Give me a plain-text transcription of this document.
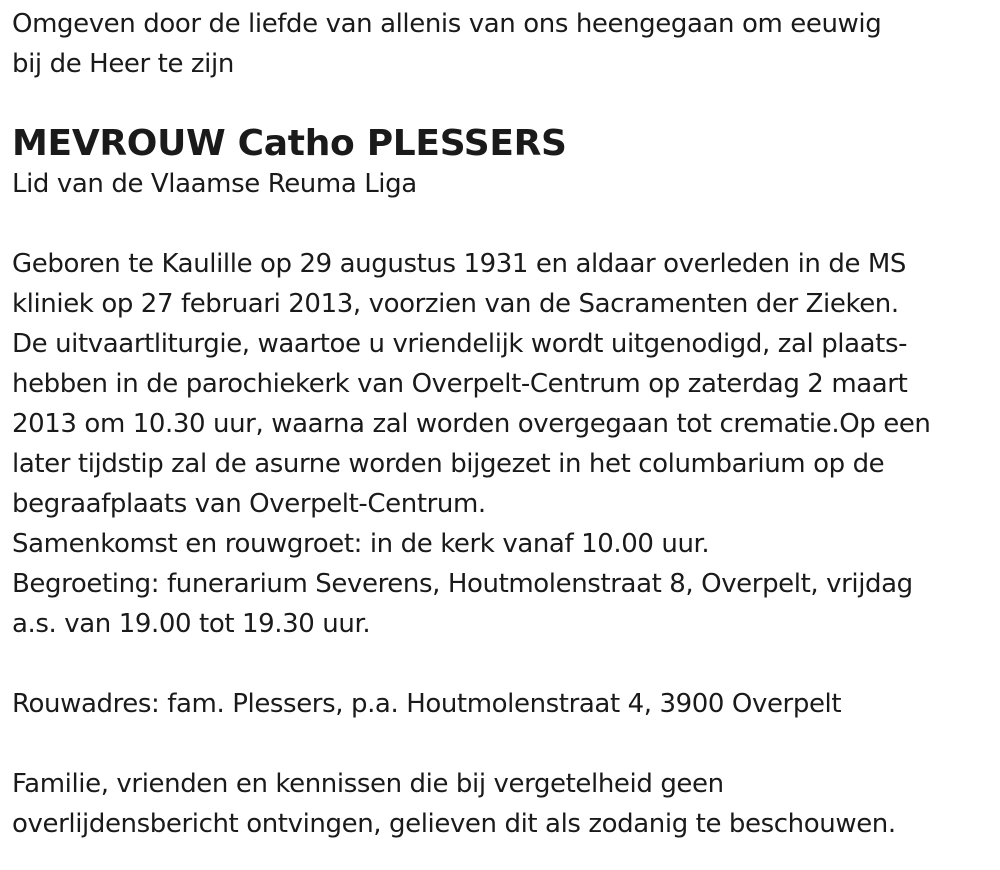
Omgeven door de liefde van allenis van ons heengegaan om eeuwig
bij de Heer te zijn
MEVROUW Catho PLESSERS
Lid van de Vlaamse Reuma Liga
Geboren te Kaulille op 29 augustus 1931 en aldaar overleden in de MS
kliniek op 27 februari 2013, voorzien van de Sacramenten der Zieken.
De uitvaartliturgie, waartoe u vriendelijk wordt uitgenodigd, zal plaats-
hebben in de parochiekerk van Overpelt-Centrum op zaterdag 2 maart
2013 om 10.30 uur, waarna zal worden overgegaan tot crematie.Op een
later tijdstip zal de asurne worden bijgezet in het columbarium op de
begraafplaats van Overpelt-Centrum.
Samenkomst en rouwgroet: in de kerk vanaf 10.00 uur.
Begroeting: funerarium Severens, Houtmolenstraat 8, Overpelt, vrijdag
a.s. van 19.00 tot 19.30 uur.
Rouwadres: fam. Plessers, p.a. Houtmolenstraat 4, 3900 Overpelt
Familie, vrienden en kennissen die bij vergetelheid geen
overlijdensbericht ontvingen, gelieven dit als zodanig te beschouwen.
